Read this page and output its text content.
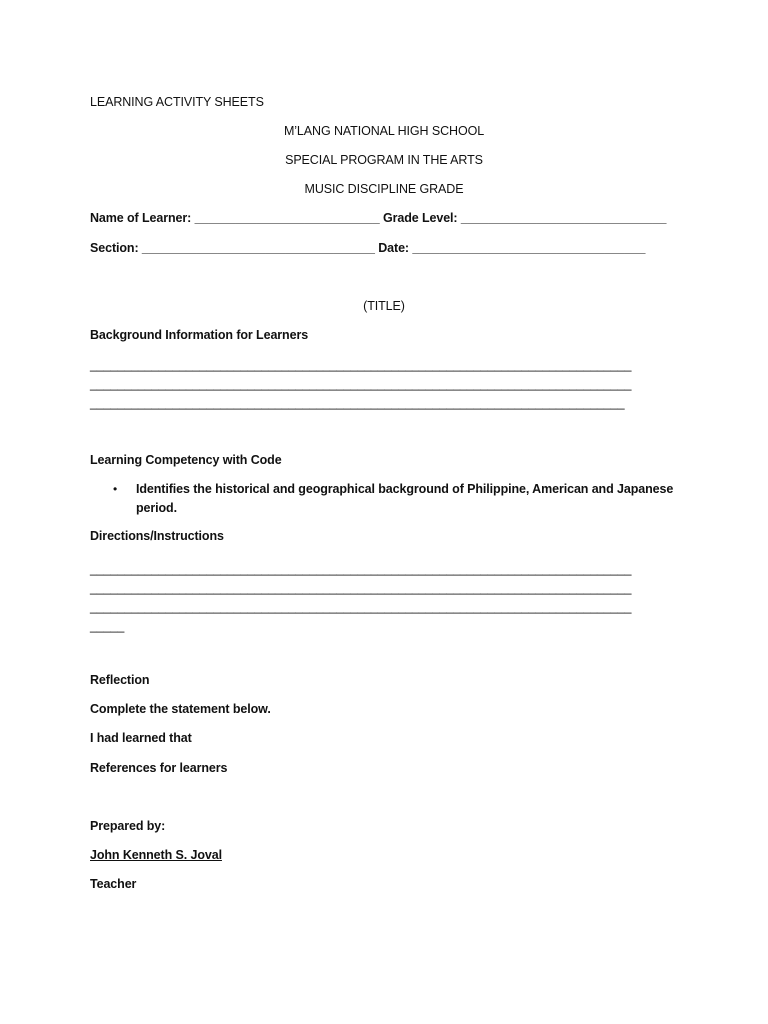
LEARNING ACTIVITY SHEETS
M’LANG NATIONAL HIGH SCHOOL
SPECIAL PROGRAM IN THE ARTS
MUSIC DISCIPLINE GRADE
Name of Learner: ___________________________ Grade Level: ______________________________
Section: __________________________________ Date: __________________________________
(TITLE)
Background Information for Learners
_______________________________________________________________________________
_______________________________________________________________________________
______________________________________________________________________________
Learning Competency with Code
• Identifies the historical and geographical background of Philippine, American and Japanese
period.
Directions/Instructions
_______________________________________________________________________________
_______________________________________________________________________________
_______________________________________________________________________________
_____
Reflection
Complete the statement below.
I had learned that
References for learners
Prepared by:
John Kenneth S. Joval
Teacher
